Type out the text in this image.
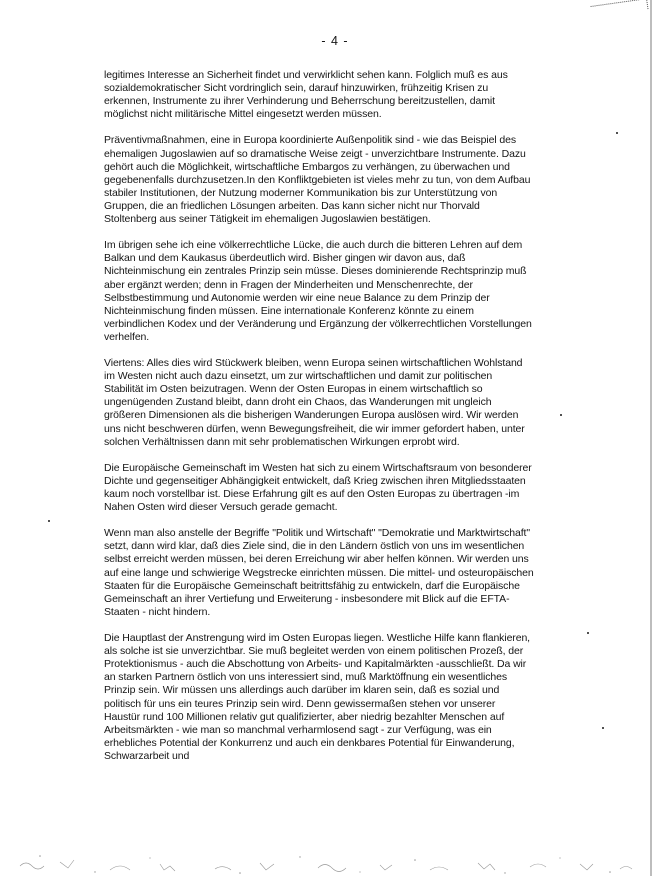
- 4 -

legitimes Interesse an Sicherheit findet und verwirklicht sehen kann. Folglich muß es aus sozialdemokratischer Sicht vordringlich sein, darauf hinzuwirken, frühzeitig Krisen zu erkennen, Instrumente zu ihrer Verhinderung und Beherrschung bereitzustellen, damit möglichst nicht militärische Mittel eingesetzt werden müssen.

Präventivmaßnahmen, eine in Europa koordinierte Außenpolitik sind - wie das Beispiel des ehemaligen Jugoslawien auf so dramatische Weise zeigt - unverzichtbare Instrumente. Dazu gehört auch die Möglichkeit, wirtschaftliche Embargos zu verhängen, zu überwachen und gegebenenfalls durchzusetzen.In den Konfliktgebieten ist vieles mehr zu tun, von dem Aufbau stabiler Institutionen, der Nutzung moderner Kommunikation bis zur Unterstützung von Gruppen, die an friedlichen Lösungen arbeiten. Das kann sicher nicht nur Thorvald Stoltenberg aus seiner Tätigkeit im ehemaligen Jugoslawien bestätigen.

Im übrigen sehe ich eine völkerrechtliche Lücke, die auch durch die bitteren Lehren auf dem Balkan und dem Kaukasus überdeutlich wird. Bisher gingen wir davon aus, daß Nichteinmischung ein zentrales Prinzip sein müsse. Dieses dominierende Rechtsprinzip muß aber ergänzt werden; denn in Fragen der Minderheiten und Menschenrechte, der Selbstbestimmung und Autonomie werden wir eine neue Balance zu dem Prinzip der Nichteinmischung finden müssen. Eine internationale Konferenz könnte zu einem verbindlichen Kodex und der Veränderung und Ergänzung der völkerrechtlichen Vorstellungen verhelfen.

Viertens: Alles dies wird Stückwerk bleiben, wenn Europa seinen wirtschaftlichen Wohlstand im Westen nicht auch dazu einsetzt, um zur wirtschaftlichen und damit zur politischen Stabilität im Osten beizutragen. Wenn der Osten Europas in einem wirtschaftlich so ungenügenden Zustand bleibt, dann droht ein Chaos, das Wanderungen mit ungleich größeren Dimensionen als die bisherigen Wanderungen Europa auslösen wird. Wir werden uns nicht beschweren dürfen, wenn Bewegungsfreiheit, die wir immer gefordert haben, unter solchen Verhältnissen dann mit sehr problematischen Wirkungen erprobt wird.

Die Europäische Gemeinschaft im Westen hat sich zu einem Wirtschaftsraum von besonderer Dichte und gegenseitiger Abhängigkeit entwickelt, daß Krieg zwischen ihren Mitgliedsstaaten kaum noch vorstellbar ist. Diese Erfahrung gilt es auf den Osten Europas zu übertragen -im Nahen Osten wird dieser Versuch gerade gemacht.

Wenn man also anstelle der Begriffe "Politik und Wirtschaft" "Demokratie und Marktwirtschaft" setzt, dann wird klar, daß dies Ziele sind, die in den Ländern östlich von uns im wesentlichen selbst erreicht werden müssen, bei deren Erreichung wir aber helfen können. Wir werden uns auf eine lange und schwierige Wegstrecke einrichten müssen. Die mittel- und osteuropäischen Staaten für die Europäische Gemeinschaft beitrittsfähig zu entwickeln, darf die Europäische Gemeinschaft an ihrer Vertiefung und Erweiterung - insbesondere mit Blick auf die EFTA-Staaten - nicht hindern.

Die Hauptlast der Anstrengung wird im Osten Europas liegen. Westliche Hilfe kann flankieren, als solche ist sie unverzichtbar. Sie muß begleitet werden von einem politischen Prozeß, der Protektionismus - auch die Abschottung von Arbeits- und Kapitalmärkten -ausschließt. Da wir an starken Partnern östlich von uns interessiert sind, muß Marktöffnung ein wesentliches Prinzip sein. Wir müssen uns allerdings auch darüber im klaren sein, daß es sozial und politisch für uns ein teures Prinzip sein wird. Denn gewissermaßen stehen vor unserer Haustür rund 100 Millionen relativ gut qualifizierter, aber niedrig bezahlter Menschen auf Arbeitsmärkten - wie man so manchmal verharmlosend sagt - zur Verfügung, was ein erhebliches Potential der Konkurrenz und auch ein denkbares Potential für Einwanderung, Schwarzarbeit und
